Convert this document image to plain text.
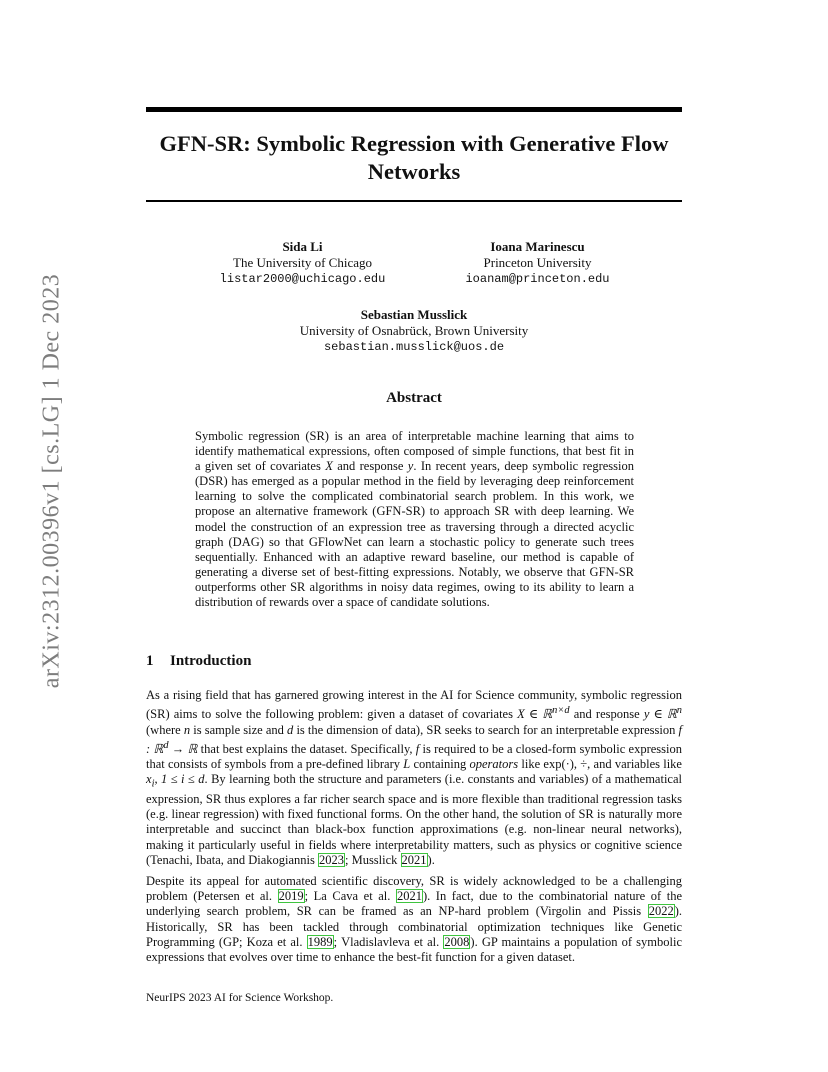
arXiv:2312.00396v1 [cs.LG] 1 Dec 2023
GFN-SR: Symbolic Regression with Generative Flow
Networks
Sida Li
The University of Chicago
listar2000@uchicago.edu
Ioana Marinescu
Princeton University
ioanam@princeton.edu
Sebastian Musslick
University of Osnabrück, Brown University
sebastian.musslick@uos.de
Abstract
Symbolic regression (SR) is an area of interpretable machine learning that aims to identify mathematical expressions, often composed of simple functions, that best fit in a given set of covariates X and response y. In recent years, deep symbolic regression (DSR) has emerged as a popular method in the field by leveraging deep reinforcement learning to solve the complicated combinatorial search problem. In this work, we propose an alternative framework (GFN-SR) to approach SR with deep learning. We model the construction of an expression tree as traversing through a directed acyclic graph (DAG) so that GFlowNet can learn a stochastic policy to generate such trees sequentially. Enhanced with an adaptive reward baseline, our method is capable of generating a diverse set of best-fitting expressions. Notably, we observe that GFN-SR outperforms other SR algorithms in noisy data regimes, owing to its ability to learn a distribution of rewards over a space of candidate solutions.
1 Introduction
As a rising field that has garnered growing interest in the AI for Science community, symbolic regression (SR) aims to solve the following problem: given a dataset of covariates X ∈ ℝ$^{n\times d}$ and response y ∈ ℝ$^n$ (where n is sample size and d is the dimension of data), SR seeks to search for an interpretable expression f : ℝ$^d$ → ℝ that best explains the dataset. Specifically, f is required to be a closed-form symbolic expression that consists of symbols from a pre-defined library L containing operators like exp(·), ÷, and variables like $x_i$, 1 ≤ i ≤ d. By learning both the structure and parameters (i.e. constants and variables) of a mathematical expression, SR thus explores a far richer search space and is more flexible than traditional regression tasks (e.g. linear regression) with fixed functional forms. On the other hand, the solution of SR is naturally more interpretable and succinct than black-box function approximations (e.g. non-linear neural networks), making it particularly useful in fields where interpretability matters, such as physics or cognitive science (Tenachi, Ibata, and Diakogiannis 2023; Musslick 2021).
Despite its appeal for automated scientific discovery, SR is widely acknowledged to be a challenging problem (Petersen et al. 2019; La Cava et al. 2021). In fact, due to the combinatorial nature of the underlying search problem, SR can be framed as an NP-hard problem (Virgolin and Pissis 2022). Historically, SR has been tackled through combinatorial optimization techniques like Genetic Programming (GP; Koza et al. 1989; Vladislavleva et al. 2008). GP maintains a population of symbolic expressions that evolves over time to enhance the best-fit function for a given dataset.
NeurIPS 2023 AI for Science Workshop.
